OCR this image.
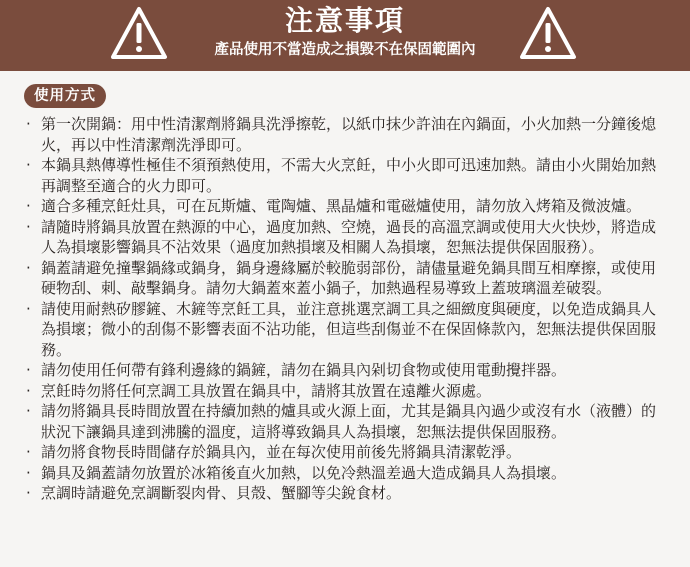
注意事項
產品使用不當造成之損毀不在保固範圍內
使用方式
· 第一次開鍋：用中性清潔劑將鍋具洗淨擦乾，以紙巾抹少許油在內鍋面，小火加熱一分鐘後熄火，再以中性清潔劑洗淨即可。
· 本鍋具熱傳導性極佳不須預熱使用，不需大火烹飪，中小火即可迅速加熱。請由小火開始加熱再調整至適合的火力即可。
· 適合多種烹飪灶具，可在瓦斯爐、電陶爐、黑晶爐和電磁爐使用，請勿放入烤箱及微波爐。
· 請隨時將鍋具放置在熱源的中心，過度加熱、空燒，過長的高溫烹調或使用大火快炒，將造成人為損壞影響鍋具不沾效果（過度加熱損壞及相關人為損壞，恕無法提供保固服務）。
· 鍋蓋請避免撞擊鍋緣或鍋身，鍋身邊緣屬於較脆弱部份，請儘量避免鍋具間互相摩擦，或使用硬物刮、刺、敲擊鍋身。請勿大鍋蓋來蓋小鍋子，加熱過程易導致上蓋玻璃溫差破裂。
· 請使用耐熱矽膠鏟、木鏟等烹飪工具，並注意挑選烹調工具之細緻度與硬度，以免造成鍋具人為損壞；微小的刮傷不影響表面不沾功能，但這些刮傷並不在保固條款內，恕無法提供保固服務。
· 請勿使用任何帶有鋒利邊緣的鍋鏟，請勿在鍋具內剁切食物或使用電動攪拌器。
· 烹飪時勿將任何烹調工具放置在鍋具中，請將其放置在遠離火源處。
· 請勿將鍋具長時間放置在持續加熱的爐具或火源上面，尤其是鍋具內過少或沒有水（液體）的狀況下讓鍋具達到沸騰的溫度，這將導致鍋具人為損壞，恕無法提供保固服務。
· 請勿將食物長時間儲存於鍋具內，並在每次使用前後先將鍋具清潔乾淨。
· 鍋具及鍋蓋請勿放置於冰箱後直火加熱，以免冷熱溫差過大造成鍋具人為損壞。
· 烹調時請避免烹調斷裂肉骨、貝殼、蟹腳等尖銳食材。
